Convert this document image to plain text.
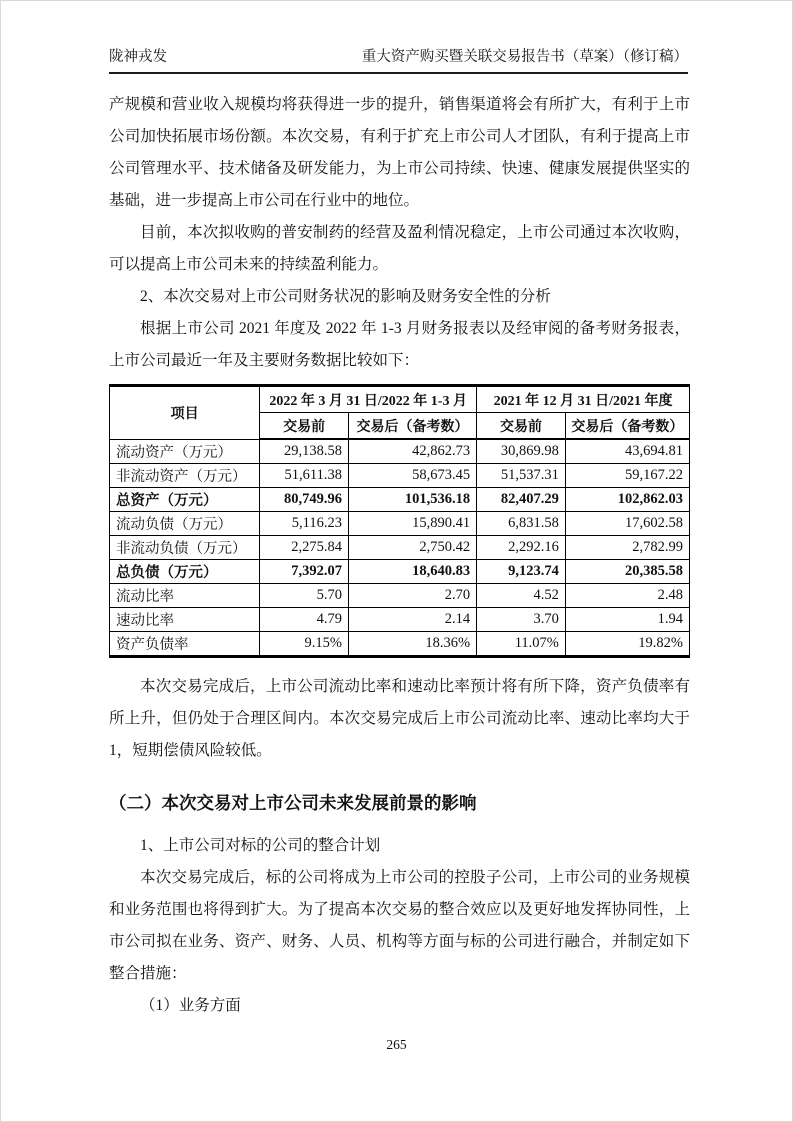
陇神戎发	重大资产购买暨关联交易报告书（草案）（修订稿）

产规模和营业收入规模均将获得进一步的提升，销售渠道将会有所扩大，有利于上市公司加快拓展市场份额。本次交易，有利于扩充上市公司人才团队，有利于提高上市公司管理水平、技术储备及研发能力，为上市公司持续、快速、健康发展提供坚实的基础，进一步提高上市公司在行业中的地位。

目前，本次拟收购的普安制药的经营及盈利情况稳定，上市公司通过本次收购，可以提高上市公司未来的持续盈利能力。

2、本次交易对上市公司财务状况的影响及财务安全性的分析

根据上市公司 2021 年度及 2022 年 1-3 月财务报表以及经审阅的备考财务报表，上市公司最近一年及主要财务数据比较如下：

项目	2022 年 3 月 31 日/2022 年 1-3 月		2021 年 12 月 31 日/2021 年度	
	交易前	交易后（备考数）	交易前	交易后（备考数）
流动资产（万元）	29,138.58	42,862.73	30,869.98	43,694.81
非流动资产（万元）	51,611.38	58,673.45	51,537.31	59,167.22
总资产（万元）	80,749.96	101,536.18	82,407.29	102,862.03
流动负债（万元）	5,116.23	15,890.41	6,831.58	17,602.58
非流动负债（万元）	2,275.84	2,750.42	2,292.16	2,782.99
总负债（万元）	7,392.07	18,640.83	9,123.74	20,385.58
流动比率	5.70	2.70	4.52	2.48
速动比率	4.79	2.14	3.70	1.94
资产负债率	9.15%	18.36%	11.07%	19.82%

本次交易完成后，上市公司流动比率和速动比率预计将有所下降，资产负债率有所上升，但仍处于合理区间内。本次交易完成后上市公司流动比率、速动比率均大于 1，短期偿债风险较低。

（二）本次交易对上市公司未来发展前景的影响

1、上市公司对标的公司的整合计划

本次交易完成后，标的公司将成为上市公司的控股子公司，上市公司的业务规模和业务范围也将得到扩大。为了提高本次交易的整合效应以及更好地发挥协同性，上市公司拟在业务、资产、财务、人员、机构等方面与标的公司进行融合，并制定如下整合措施：

（1）业务方面

265
